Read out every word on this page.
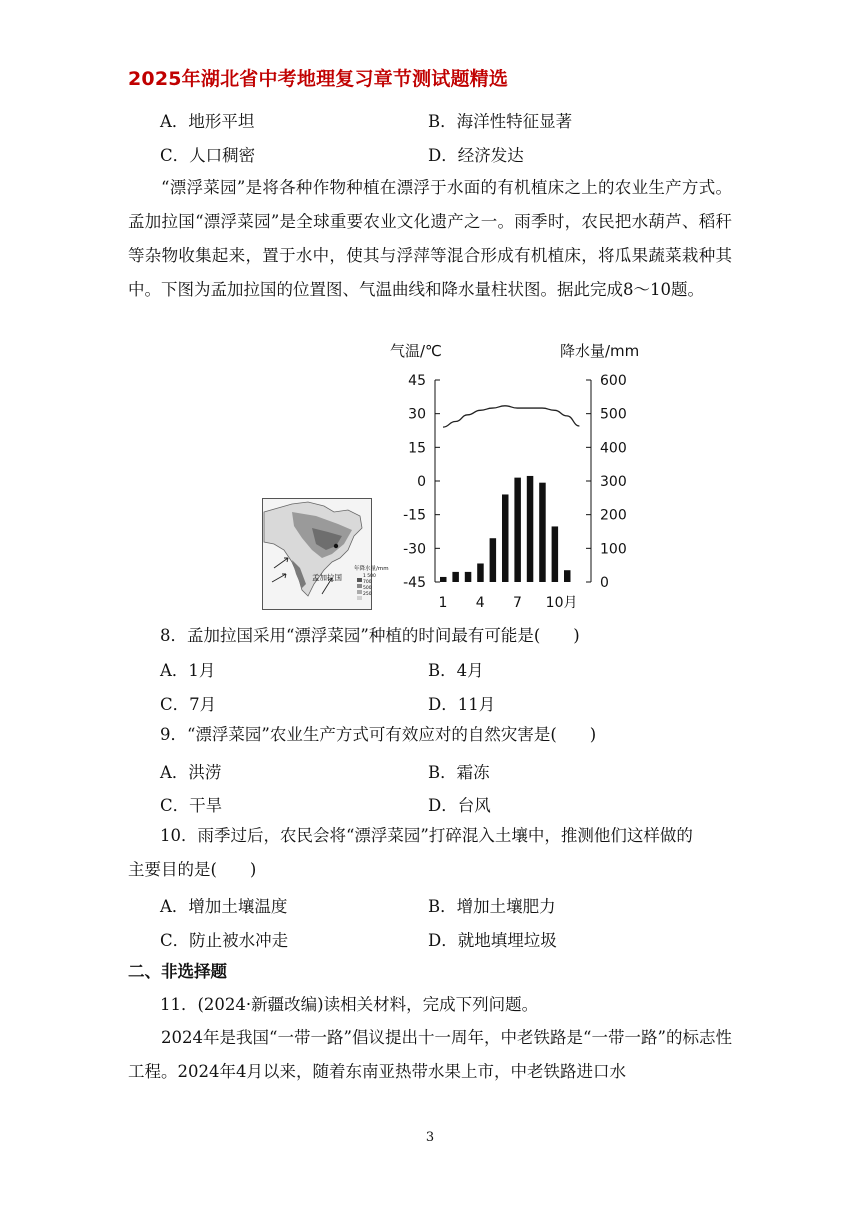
2025年湖北省中考地理复习章节测试题精选
A．地形平坦	B．海洋性特征显著
C．人口稠密	D．经济发达
“漂浮菜园”是将各种作物种植在漂浮于水面的有机植床之上的农业生产方式。孟加拉国“漂浮菜园”是全球重要农业文化遗产之一。雨季时，农民把水葫芦、稻秆等杂物收集起来，置于水中，使其与浮萍等混合形成有机植床，将瓜果蔬菜栽种其中。下图为孟加拉国的位置图、气温曲线和降水量柱状图。据此完成8～10题。
孟加拉国
年降水量/mm
1 500
700
500
250
气温/℃	降水量/mm
45
30
15
0
-15
-30
-45
600
500
400
300
200
100
0
1 4 7 10月
8．孟加拉国采用“漂浮菜园”种植的时间最有可能是(　　)
A．1月	B．4月
C．7月	D．11月
9．“漂浮菜园”农业生产方式可有效应对的自然灾害是(　　)
A．洪涝	B．霜冻
C．干旱	D．台风
10．雨季过后，农民会将“漂浮菜园”打碎混入土壤中，推测他们这样做的
主要目的是(　　)
A．增加土壤温度	B．增加土壤肥力
C．防止被水冲走	D．就地填埋垃圾
二、非选择题
11．(2024·新疆改编)读相关材料，完成下列问题。
2024年是我国“一带一路”倡议提出十一周年，中老铁路是“一带一路”的标志性工程。2024年4月以来，随着东南亚热带水果上市，中老铁路进口水
3
